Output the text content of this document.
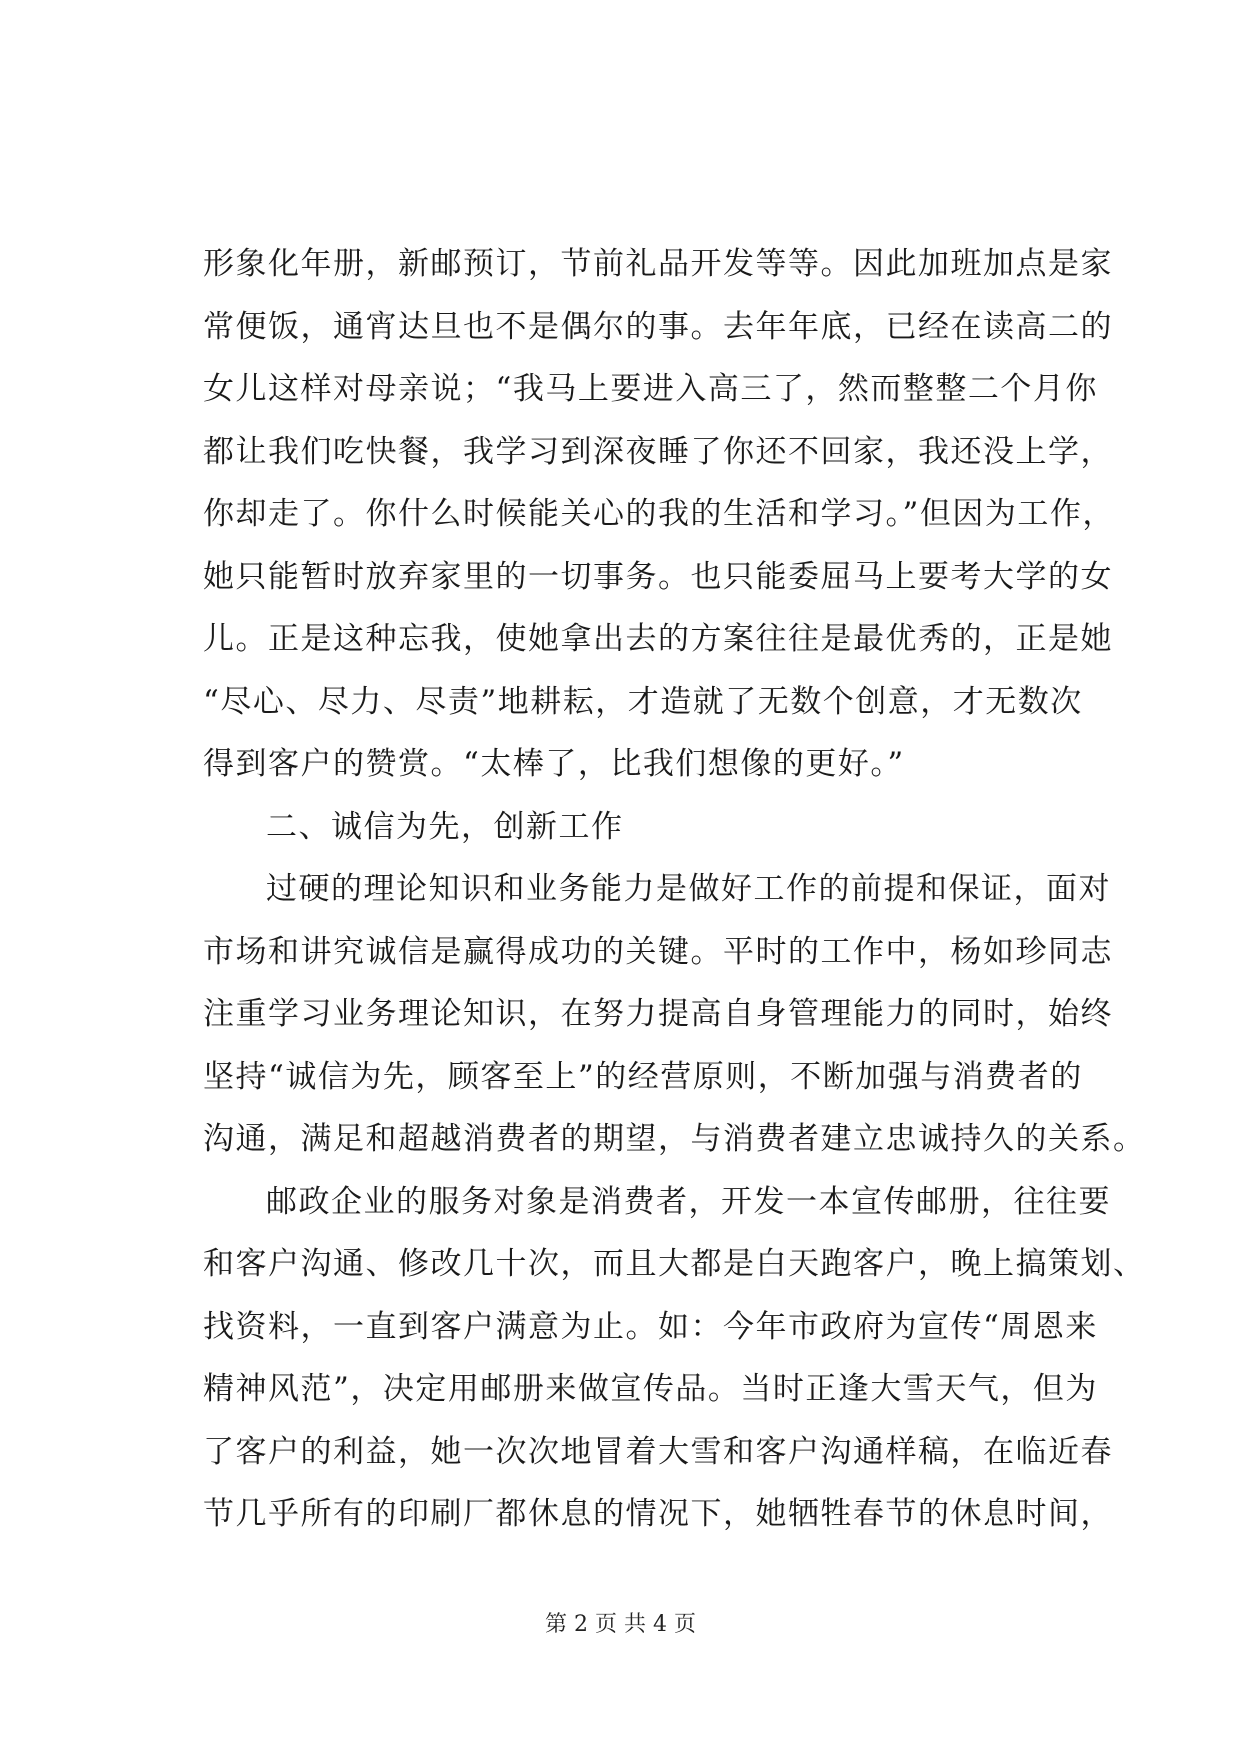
形象化年册，新邮预订，节前礼品开发等等。因此加班加点是家
常便饭，通宵达旦也不是偶尔的事。去年年底，已经在读高二的
女儿这样对母亲说；“我马上要进入高三了，然而整整二个月你
都让我们吃快餐，我学习到深夜睡了你还不回家，我还没上学，
你却走了。你什么时候能关心的我的生活和学习。”但因为工作，
她只能暂时放弃家里的一切事务。也只能委屈马上要考大学的女
儿。正是这种忘我，使她拿出去的方案往往是最优秀的，正是她
“尽心、尽力、尽责”地耕耘，才造就了无数个创意，才无数次
得到客户的赞赏。“太棒了，比我们想像的更好。”
二、诚信为先，创新工作
过硬的理论知识和业务能力是做好工作的前提和保证，面对
市场和讲究诚信是赢得成功的关键。平时的工作中，杨如珍同志
注重学习业务理论知识，在努力提高自身管理能力的同时，始终
坚持“诚信为先，顾客至上”的经营原则，不断加强与消费者的
沟通，满足和超越消费者的期望，与消费者建立忠诚持久的关系。
邮政企业的服务对象是消费者，开发一本宣传邮册，往往要
和客户沟通、修改几十次，而且大都是白天跑客户，晚上搞策划、
找资料，一直到客户满意为止。如：今年市政府为宣传“周恩来
精神风范”，决定用邮册来做宣传品。当时正逢大雪天气，但为
了客户的利益，她一次次地冒着大雪和客户沟通样稿，在临近春
节几乎所有的印刷厂都休息的情况下，她牺牲春节的休息时间，
第 2 页 共 4 页
